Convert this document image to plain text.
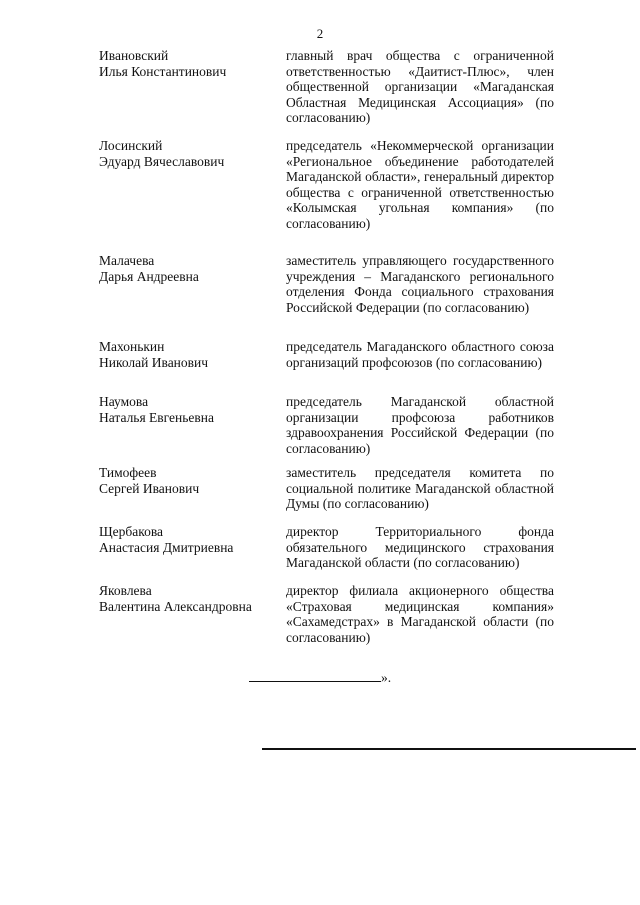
2
Ивановский
Илья Константинович
главный врач общества с ограниченной ответственностью «Даитист-Плюс», член общественной организации «Магаданская Областная Медицинская Ассоциация» (по согласованию)
Лосинский
Эдуард Вячеславович
председатель «Некоммерческой организации «Региональное объединение работодателей Магаданской области», генеральный директор общества с ограниченной ответственностью «Колымская угольная компания» (по согласованию)
Малачева
Дарья Андреевна
заместитель управляющего государственного учреждения – Магаданского регионального отделения Фонда социального страхования Российской Федерации (по согласованию)
Махонькин
Николай Иванович
председатель Магаданского областного союза организаций профсоюзов (по согласованию)
Наумова
Наталья Евгеньевна
председатель Магаданской областной организации профсоюза работников здравоохранения Российской Федерации (по согласованию)
Тимофеев
Сергей Иванович
заместитель председателя комитета по социальной политике Магаданской областной Думы (по согласованию)
Щербакова
Анастасия Дмитриевна
директор Территориального фонда обязательного медицинского страхования Магаданской области (по согласованию)
Яковлева
Валентина Александровна
директор филиала акционерного общества «Страховая медицинская компания» «Сахамедстрах» в Магаданской области (по согласованию)
».
